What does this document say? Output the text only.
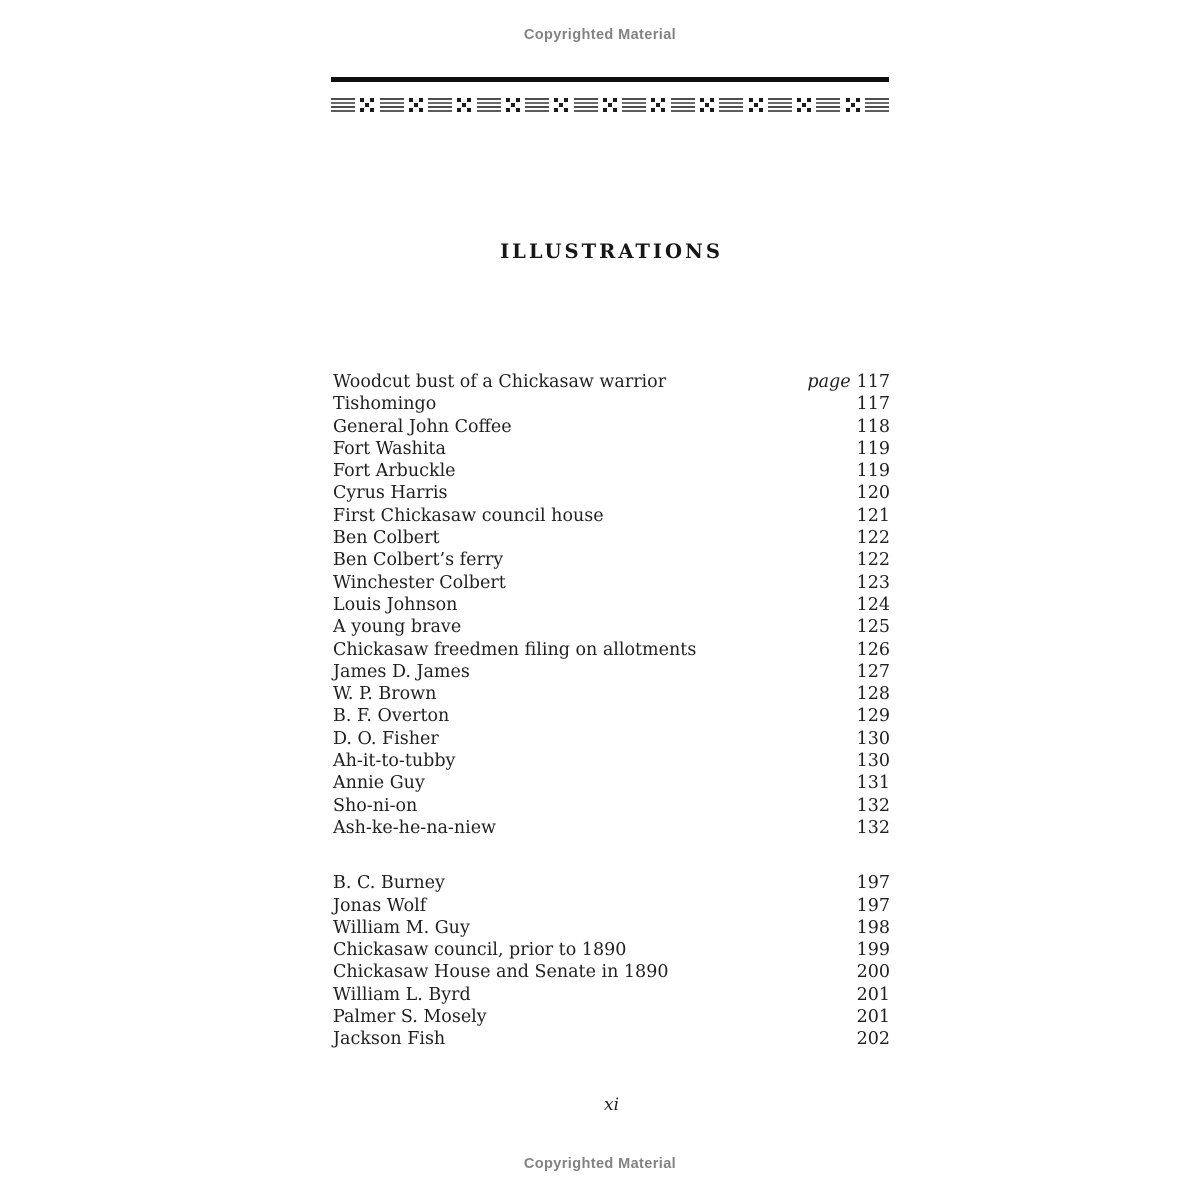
Copyrighted Material
ILLUSTRATIONS
Woodcut bust of a Chickasaw warrior	page 117
Tishomingo	117
General John Coffee	118
Fort Washita	119
Fort Arbuckle	119
Cyrus Harris	120
First Chickasaw council house	121
Ben Colbert	122
Ben Colbert’s ferry	122
Winchester Colbert	123
Louis Johnson	124
A young brave	125
Chickasaw freedmen filing on allotments	126
James D. James	127
W. P. Brown	128
B. F. Overton	129
D. O. Fisher	130
Ah-it-to-tubby	130
Annie Guy	131
Sho-ni-on	132
Ash-ke-he-na-niew	132
B. C. Burney	197
Jonas Wolf	197
William M. Guy	198
Chickasaw council, prior to 1890	199
Chickasaw House and Senate in 1890	200
William L. Byrd	201
Palmer S. Mosely	201
Jackson Fish	202
xi
Copyrighted Material
